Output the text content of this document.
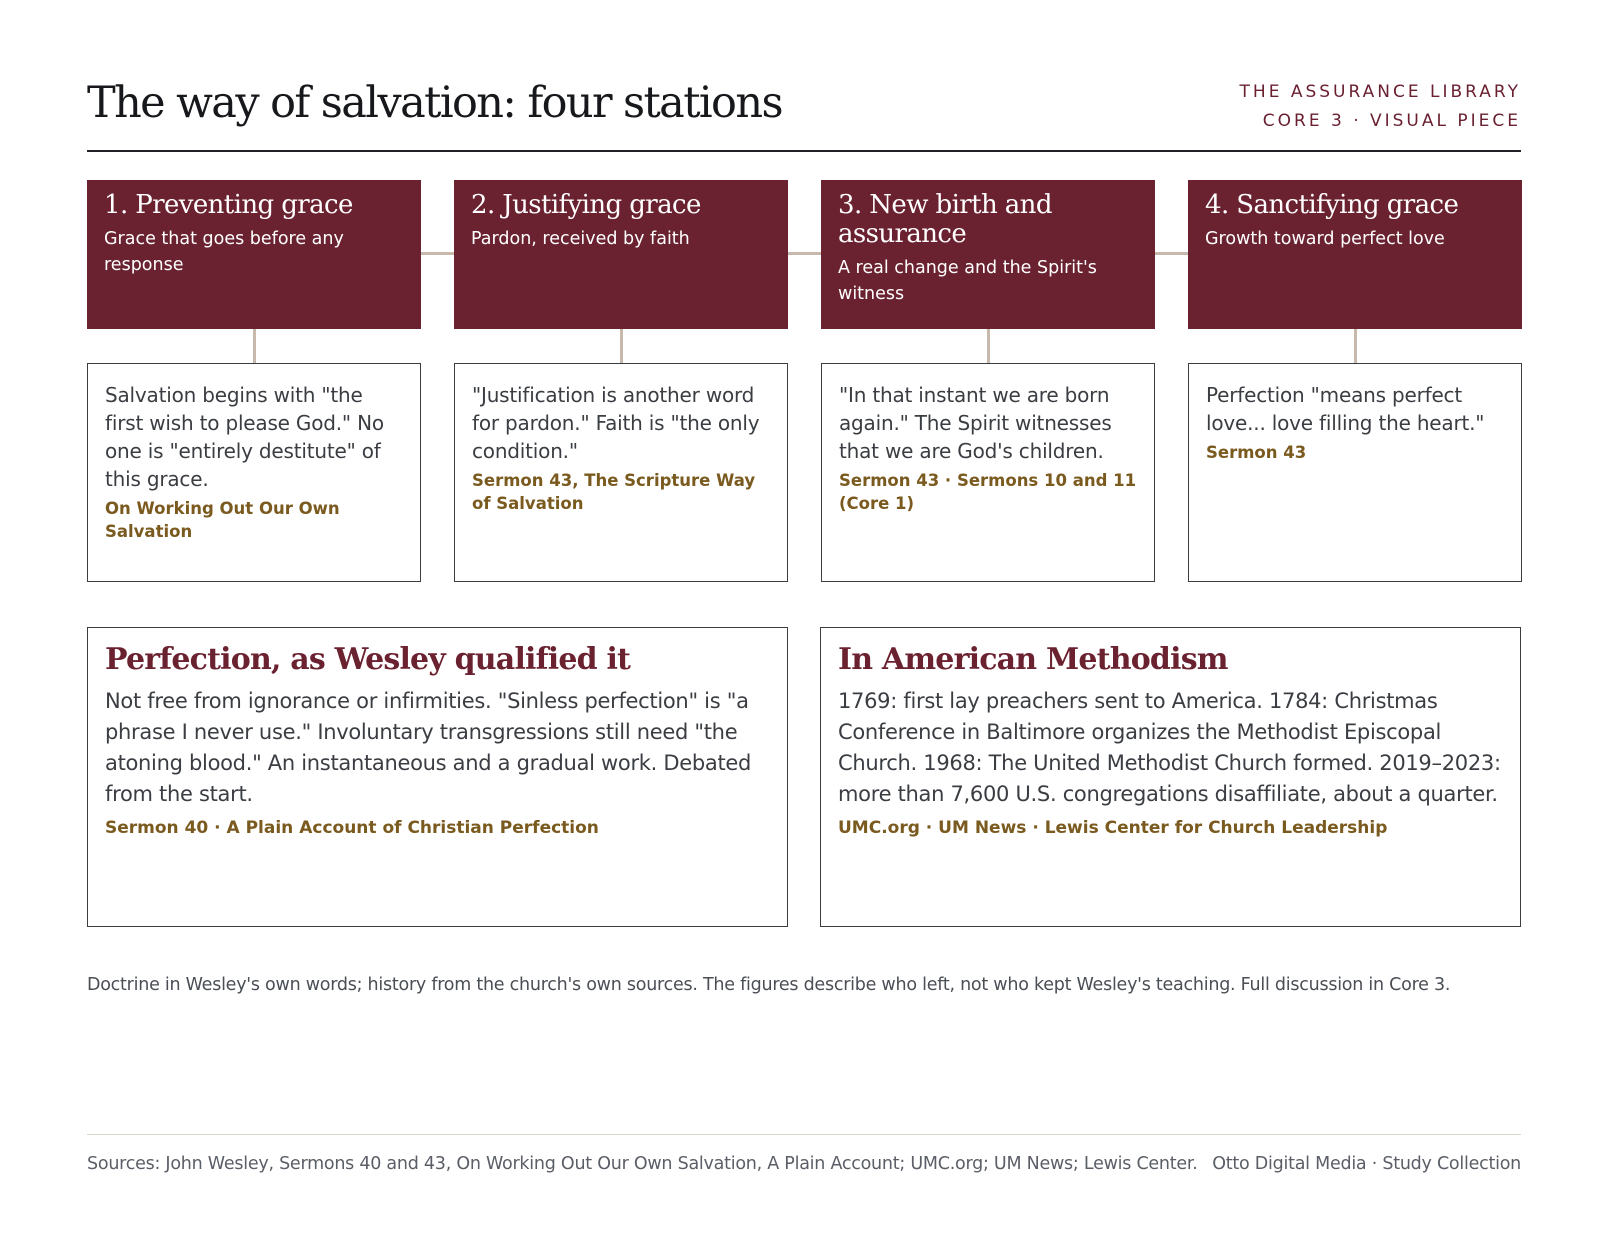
The way of salvation: four stations	THE ASSURANCE LIBRARY
CORE 3 · VISUAL PIECE
1. Preventing grace
Grace that goes before any response
Salvation begins with "the first wish to please God." No one is "entirely destitute" of this grace.
On Working Out Our Own Salvation
2. Justifying grace
Pardon, received by faith
"Justification is another word for pardon." Faith is "the only condition."
Sermon 43, The Scripture Way of Salvation
3. New birth and assurance
A real change and the Spirit's witness
"In that instant we are born again." The Spirit witnesses that we are God's children.
Sermon 43 · Sermons 10 and 11 (Core 1)
4. Sanctifying grace
Growth toward perfect love
Perfection "means perfect love... love filling the heart."
Sermon 43
Perfection, as Wesley qualified it
Not free from ignorance or infirmities. "Sinless perfection" is "a phrase I never use." Involuntary transgressions still need "the atoning blood." An instantaneous and a gradual work. Debated from the start.
Sermon 40 · A Plain Account of Christian Perfection
In American Methodism
1769: first lay preachers sent to America. 1784: Christmas Conference in Baltimore organizes the Methodist Episcopal Church. 1968: The United Methodist Church formed. 2019–2023: more than 7,600 U.S. congregations disaffiliate, about a quarter.
UMC.org · UM News · Lewis Center for Church Leadership
Doctrine in Wesley's own words; history from the church's own sources. The figures describe who left, not who kept Wesley's teaching. Full discussion in Core 3.
Sources: John Wesley, Sermons 40 and 43, On Working Out Our Own Salvation, A Plain Account; UMC.org; UM News; Lewis Center. Otto Digital Media · Study Collection
